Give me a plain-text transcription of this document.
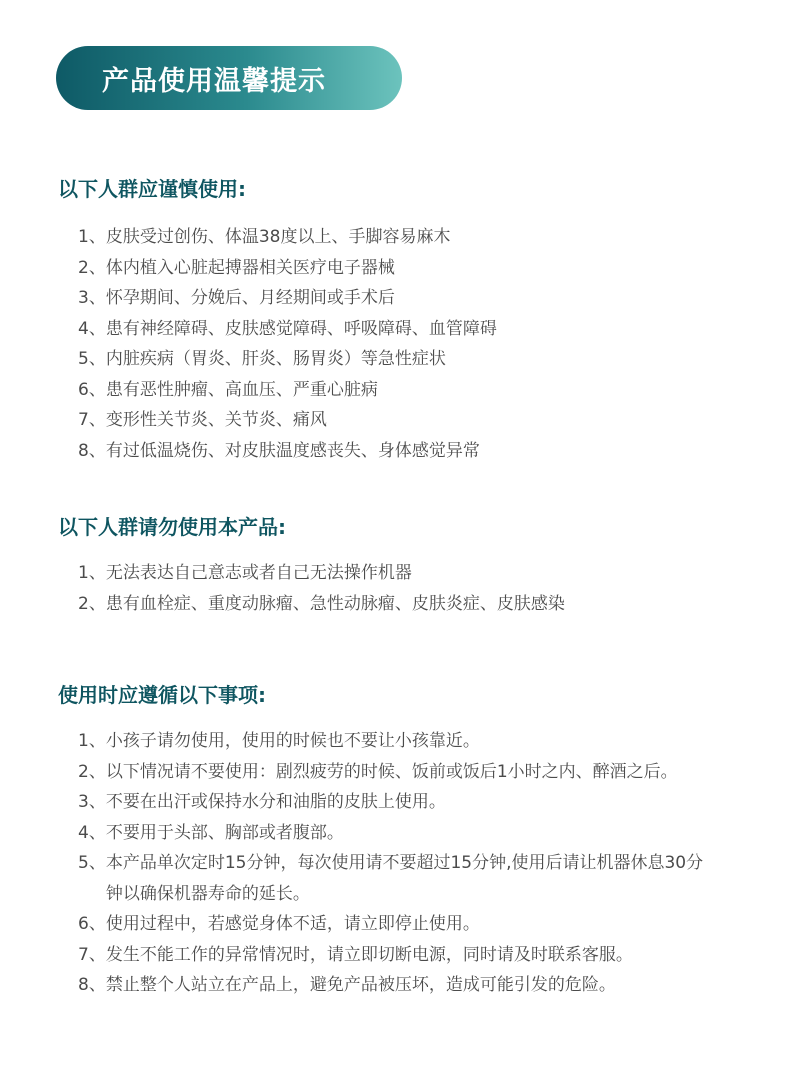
产品使用温馨提示
以下人群应谨慎使用:
1、 皮肤受过创伤、体温38度以上、手脚容易麻木
2、 体内植入心脏起搏器相关医疗电子器械
3、 怀孕期间、分娩后、月经期间或手术后
4、 患有神经障碍、皮肤感觉障碍、呼吸障碍、血管障碍
5、 内脏疾病（胃炎、肝炎、肠胃炎）等急性症状
6、 患有恶性肿瘤、高血压、严重心脏病
7、 变形性关节炎、关节炎、痛风
8、 有过低温烧伤、对皮肤温度感丧失、身体感觉异常
以下人群请勿使用本产品:
1、 无法表达自己意志或者自己无法操作机器
2、 患有血栓症、重度动脉瘤、急性动脉瘤、皮肤炎症、皮肤感染
使用时应遵循以下事项:
1、 小孩子请勿使用，使用的时候也不要让小孩靠近。
2、 以下情况请不要使用：剧烈疲劳的时候、饭前或饭后1小时之内、醉酒之后。
3、 不要在出汗或保持水分和油脂的皮肤上使用。
4、 不要用于头部、胸部或者腹部。
5、 本产品单次定时15分钟，每次使用请不要超过15分钟,使用后请让机器休息30分钟以确保机器寿命的延长。
6、 使用过程中，若感觉身体不适，请立即停止使用。
7、 发生不能工作的异常情况时，请立即切断电源，同时请及时联系客服。
8、 禁止整个人站立在产品上，避免产品被压坏，造成可能引发的危险。
